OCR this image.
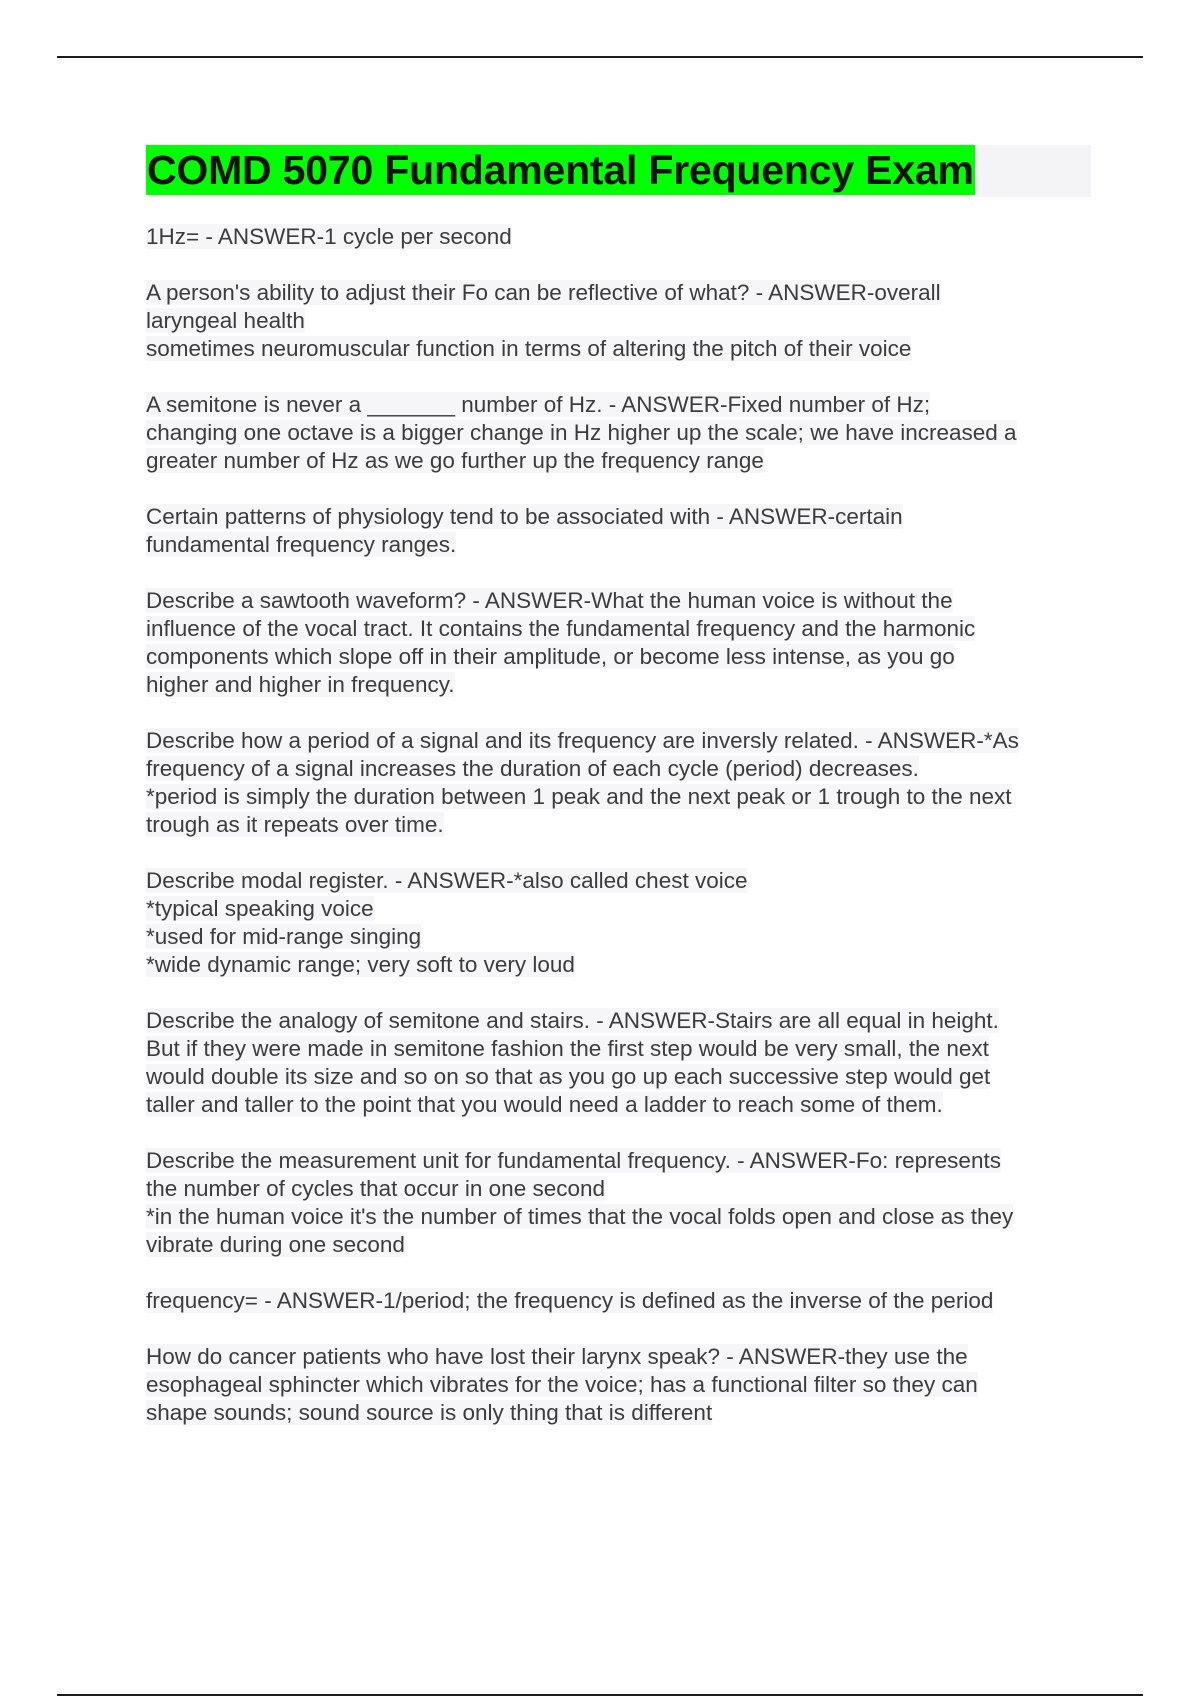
COMD 5070 Fundamental Frequency Exam
1Hz= - ANSWER-1 cycle per second
A person's ability to adjust their Fo can be reflective of what? - ANSWER-overall
laryngeal health
sometimes neuromuscular function in terms of altering the pitch of their voice
A semitone is never a _______ number of Hz. - ANSWER-Fixed number of Hz;
changing one octave is a bigger change in Hz higher up the scale; we have increased a
greater number of Hz as we go further up the frequency range
Certain patterns of physiology tend to be associated with - ANSWER-certain
fundamental frequency ranges.
Describe a sawtooth waveform? - ANSWER-What the human voice is without the
influence of the vocal tract. It contains the fundamental frequency and the harmonic
components which slope off in their amplitude, or become less intense, as you go
higher and higher in frequency.
Describe how a period of a signal and its frequency are inversly related. - ANSWER-*As
frequency of a signal increases the duration of each cycle (period) decreases.
*period is simply the duration between 1 peak and the next peak or 1 trough to the next
trough as it repeats over time.
Describe modal register. - ANSWER-*also called chest voice
*typical speaking voice
*used for mid-range singing
*wide dynamic range; very soft to very loud
Describe the analogy of semitone and stairs. - ANSWER-Stairs are all equal in height.
But if they were made in semitone fashion the first step would be very small, the next
would double its size and so on so that as you go up each successive step would get
taller and taller to the point that you would need a ladder to reach some of them.
Describe the measurement unit for fundamental frequency. - ANSWER-Fo: represents
the number of cycles that occur in one second
*in the human voice it's the number of times that the vocal folds open and close as they
vibrate during one second
frequency= - ANSWER-1/period; the frequency is defined as the inverse of the period
How do cancer patients who have lost their larynx speak? - ANSWER-they use the
esophageal sphincter which vibrates for the voice; has a functional filter so they can
shape sounds; sound source is only thing that is different
